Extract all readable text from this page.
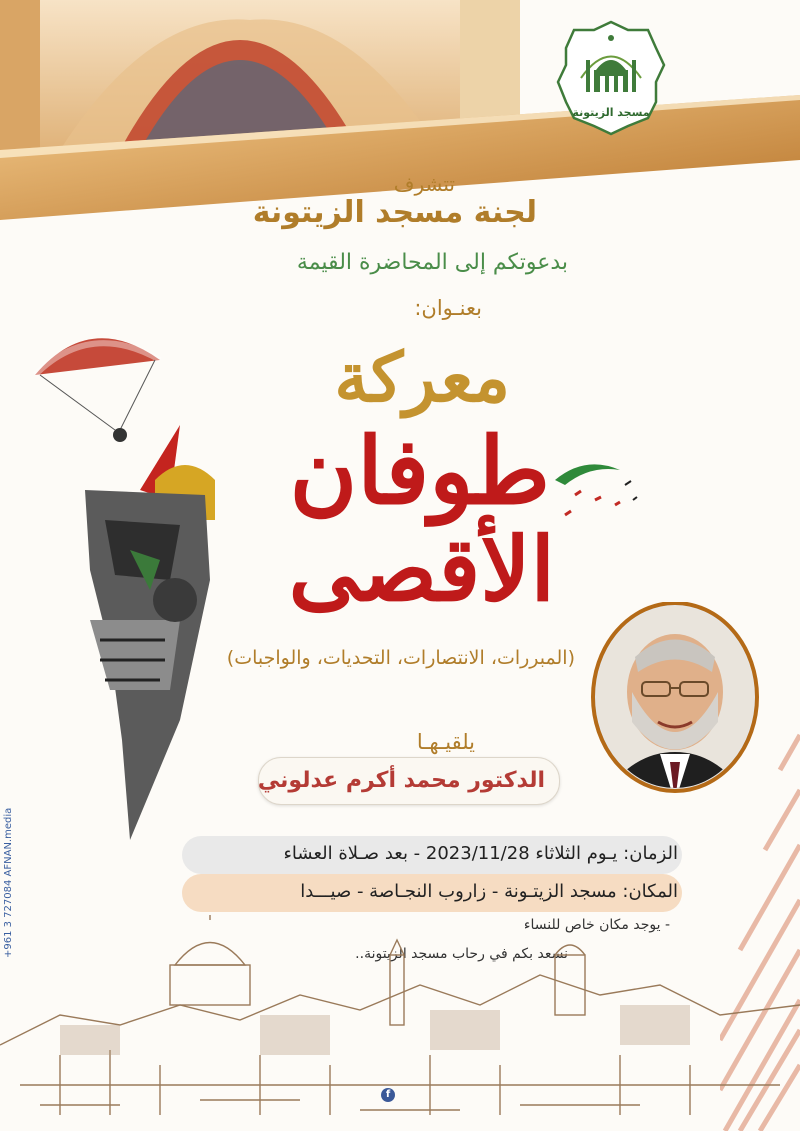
مسجد الزيتونة
تتشرف
لجنة مسجد الزيتونة
بدعوتكم إلى المحاضرة القيمة
بعنـوان:
معركة
طوفان
الأقصى
(المبررات، الانتصارات، التحديات، والواجبات)
يلقيـهـا
الدكتور محمد أكرم عدلوني
الزمان: يـوم الثلاثاء 2023/11/28 - بعد صـلاة العشاء
المكان: مسجد الزيتـونة - زاروب النجـاصة - صيـــدا
- يوجد مكان خاص للنساء
نسعد بكم في رحاب مسجد الزيتونة..
+961 3 727084 AFNAN.media
f
